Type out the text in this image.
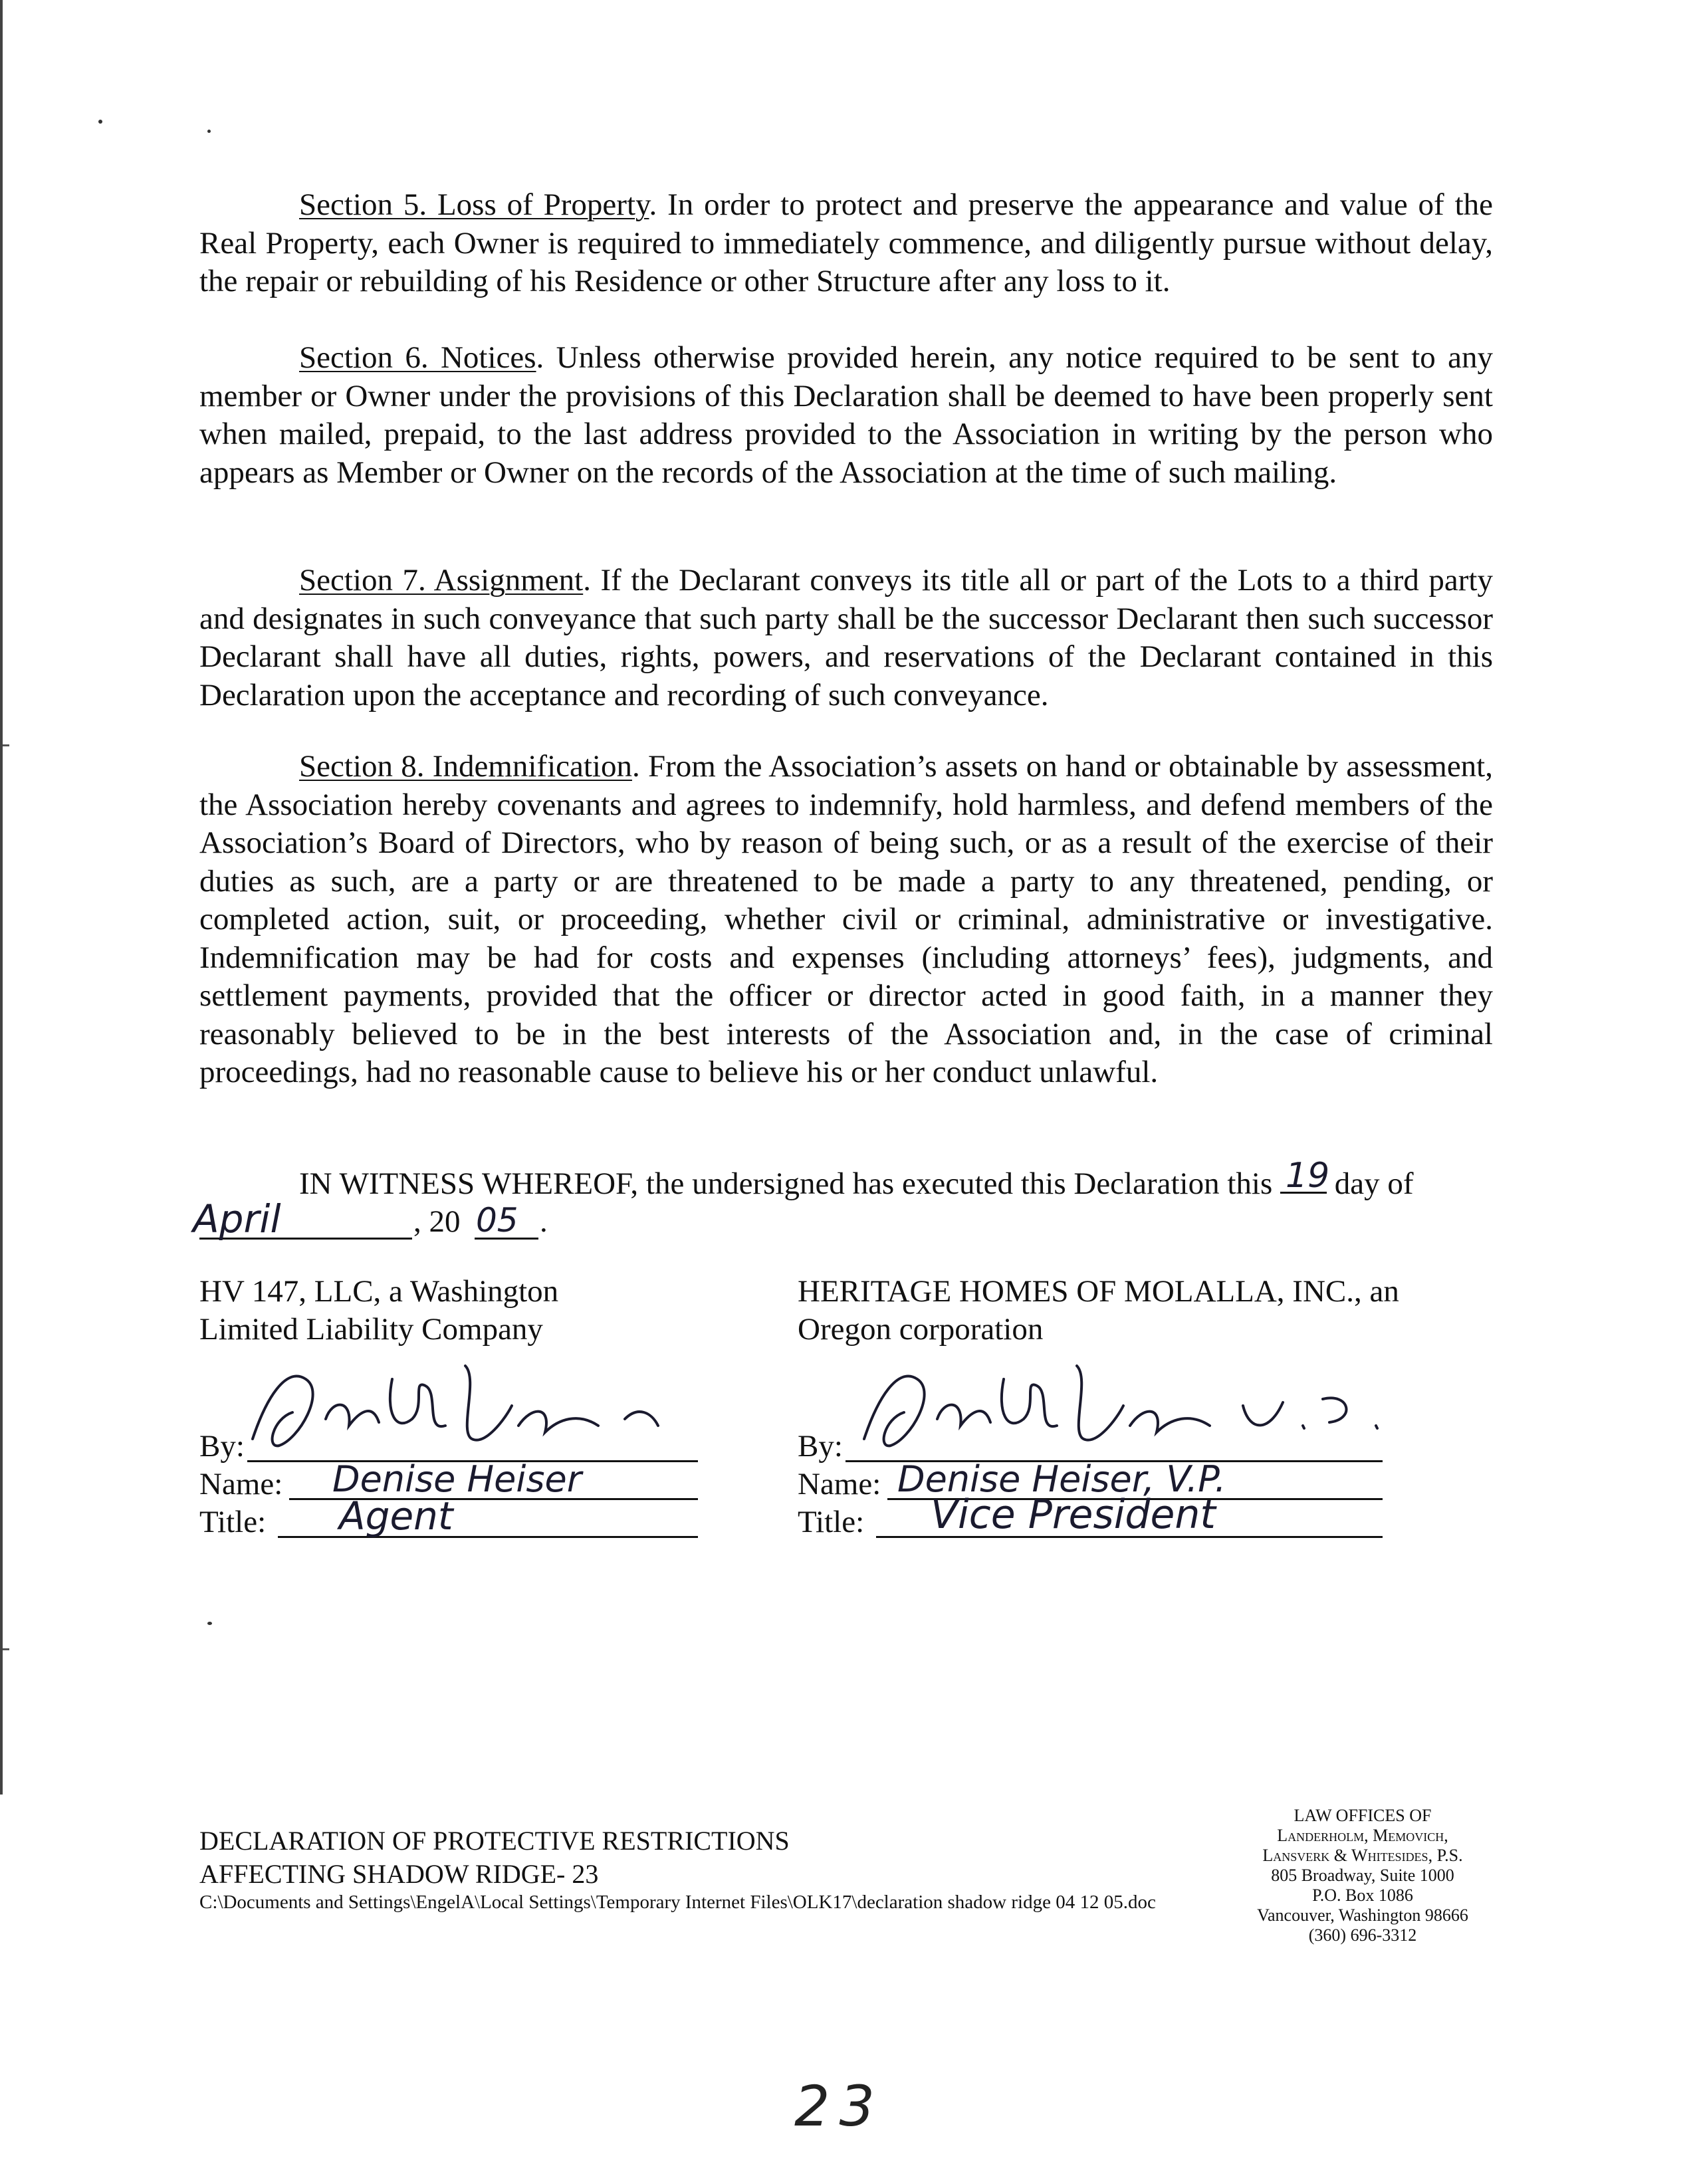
Section 5. Loss of Property. In order to protect and preserve the appearance and value of the Real Property, each Owner is required to immediately commence, and diligently pursue without delay, the repair or rebuilding of his Residence or other Structure after any loss to it.

Section 6. Notices. Unless otherwise provided herein, any notice required to be sent to any member or Owner under the provisions of this Declaration shall be deemed to have been properly sent when mailed, prepaid, to the last address provided to the Association in writing by the person who appears as Member or Owner on the records of the Association at the time of such mailing.

Section 7. Assignment. If the Declarant conveys its title all or part of the Lots to a third party and designates in such conveyance that such party shall be the successor Declarant then such successor Declarant shall have all duties, rights, powers, and reservations of the Declarant contained in this Declaration upon the acceptance and recording of such conveyance.

Section 8. Indemnification. From the Association’s assets on hand or obtainable by assessment, the Association hereby covenants and agrees to indemnify, hold harmless, and defend members of the Association’s Board of Directors, who by reason of being such, or as a result of the exercise of their duties as such, are a party or are threatened to be made a party to any threatened, pending, or completed action, suit, or proceeding, whether civil or criminal, administrative or investigative. Indemnification may be had for costs and expenses (including attorneys’ fees), judgments, and settlement payments, provided that the officer or director acted in good faith, in a manner they reasonably believed to be in the best interests of the Association and, in the case of criminal proceedings, had no reasonable cause to believe his or her conduct unlawful.

IN WITNESS WHEREOF, the undersigned has executed this Declaration this 19 day of
April	, 20 05 .
HV 147, LLC, a Washington
Limited Liability Company
By:
Name: Denise Heiser
Title: Agent
HERITAGE HOMES OF MOLALLA, INC., an
Oregon corporation
By:
Name: Denise Heiser, V.P.
Title: Vice President
DECLARATION OF PROTECTIVE RESTRICTIONS
AFFECTING SHADOW RIDGE- 23
C:\Documents and Settings\EngelA\Local Settings\Temporary Internet Files\OLK17\declaration shadow ridge 04 12 05.doc
LAW OFFICES OF
Landerholm, Memovich,
Lansverk & Whitesides, P.S.
805 Broadway, Suite 1000
P.O. Box 1086
Vancouver, Washington 98666
(360) 696-3312
23
